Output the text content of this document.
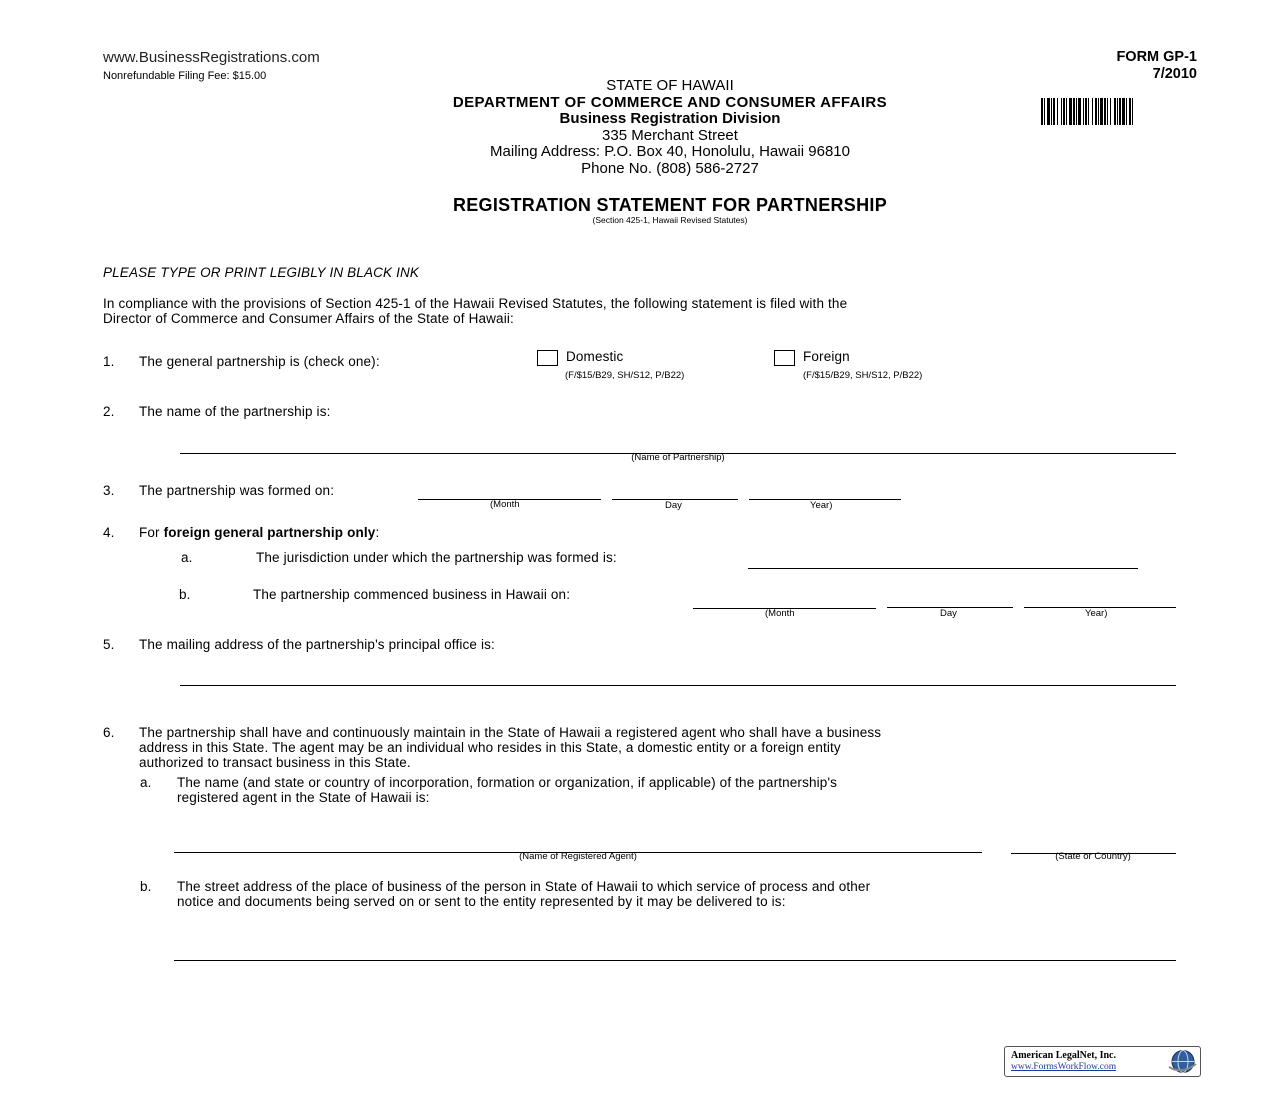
www.BusinessRegistrations.com
Nonrefundable Filing Fee: $15.00
FORM GP-1
7/2010
STATE OF HAWAII
DEPARTMENT OF COMMERCE AND CONSUMER AFFAIRS
Business Registration Division
335 Merchant Street
Mailing Address: P.O. Box 40, Honolulu, Hawaii 96810
Phone No. (808) 586-2727
REGISTRATION STATEMENT FOR PARTNERSHIP
(Section 425-1, Hawaii Revised Statutes)
PLEASE TYPE OR PRINT LEGIBLY IN BLACK INK
In compliance with the provisions of Section 425-1 of the Hawaii Revised Statutes, the following statement is filed with the
Director of Commerce and Consumer Affairs of the State of Hawaii:
1. The general partnership is (check one):	Domestic
(F/$15/B29, SH/S12, P/B22)
Foreign
(F/$15/B29, SH/S12, P/B22)
2. The name of the partnership is:
(Name of Partnership)
3. The partnership was formed on:
(Month	Day	Year)
4. For foreign general partnership only:
a.	The jurisdiction under which the partnership was formed is:
b.	The partnership commenced business in Hawaii on:
(Month	Day	Year)
5. The mailing address of the partnership's principal office is:
6. The partnership shall have and continuously maintain in the State of Hawaii a registered agent who shall have a business
address in this State. The agent may be an individual who resides in this State, a domestic entity or a foreign entity
authorized to transact business in this State.
a. The name (and state or country of incorporation, formation or organization, if applicable) of the partnership's
registered agent in the State of Hawaii is:
(Name of Registered Agent)	(State or Country)
b. The street address of the place of business of the person in State of Hawaii to which service of process and other
notice and documents being served on or sent to the entity represented by it may be delivered to is:
American LegalNet, Inc.
www.FormsWorkFlow.com
